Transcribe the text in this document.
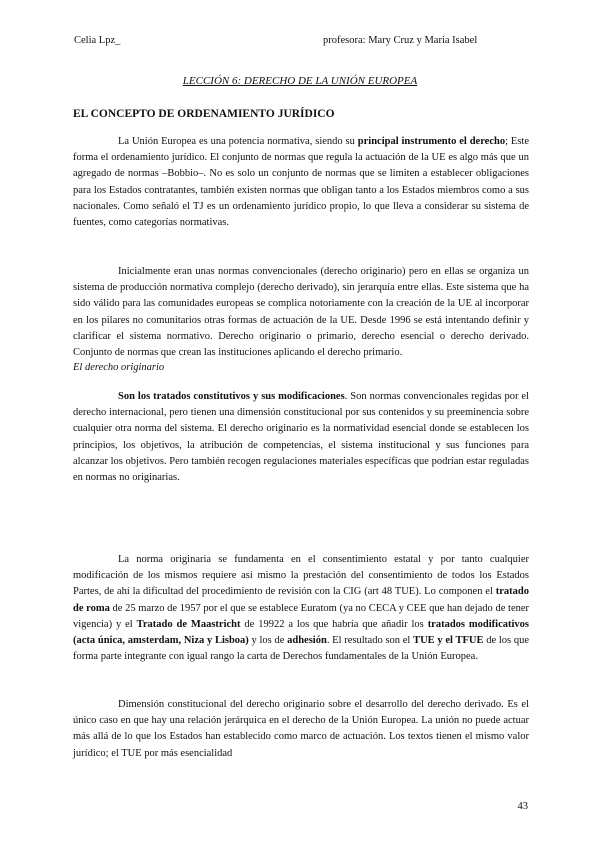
Celia Lpz_	profesora: Mary Cruz y Maria Isabel
LECCIÓN 6: DERECHO DE LA UNIÓN EUROPEA
EL CONCEPTO DE ORDENAMIENTO JURÍDICO

La Unión Europea es una potencia normativa, siendo su principal instrumento el derecho; Este forma el ordenamiento jurídico. El conjunto de normas que regula la actuación de la UE es algo más que un agregado de normas –Bobbio–. No es solo un conjunto de normas que se limiten a establecer obligaciones para los Estados contratantes, también existen normas que obligan tanto a los Estados miembros como a sus nacionales. Como señaló el TJ es un ordenamiento jurídico propio, lo que lleva a considerar su sistema de fuentes, como categorías normativas.

Inicialmente eran unas normas convencionales (derecho originario) pero en ellas se organiza un sistema de producción normativa complejo (derecho derivado), sin jerarquía entre ellas. Este sistema que ha sido válido para las comunidades europeas se complica notoriamente con la creación de la UE al incorporar en los pilares no comunitarios otras formas de actuación de la UE. Desde 1996 se está intentando definir y clarificar el sistema normativo. Derecho originario o primario, derecho esencial o derecho derivado. Conjunto de normas que crean las instituciones aplicando el derecho primario.

El derecho originario

Son los tratados constitutivos y sus modificaciones. Son normas convencionales regidas por el derecho internacional, pero tienen una dimensión constitucional por sus contenidos y su preeminencia sobre cualquier otra norma del sistema. El derecho originario es la normatividad esencial donde se establecen los principios, los objetivos, la atribución de competencias, el sistema institucional y sus funciones para alcanzar los objetivos. Pero también recogen regulaciones materiales específicas que podrían estar reguladas en normas no originarias.

La norma originaria se fundamenta en el consentimiento estatal y por tanto cualquier modificación de los mismos requiere así mismo la prestación del consentimiento de todos los Estados Partes, de ahí la dificultad del procedimiento de revisión con la CIG (art 48 TUE). Lo componen el tratado de roma de 25 marzo de 1957 por el que se establece Euratom (ya no CECA y CEE que han dejado de tener vigencia) y el Tratado de Maastricht de 19922 a los que habría que añadir los tratados modificativos (acta única, amsterdam, Niza y Lisboa) y los de adhesión. El resultado son el TUE y el TFUE de los que forma parte integrante con igual rango la carta de Derechos fundamentales de la Unión Europea.

Dimensión constitucional del derecho originario sobre el desarrollo del derecho derivado. Es el único caso en que hay una relación jerárquica en el derecho de la Unión Europea. La unión no puede actuar más allá de lo que los Estados han establecido como marco de actuación. Los textos tienen el mismo valor jurídico; el TUE por más esencialidad

43
